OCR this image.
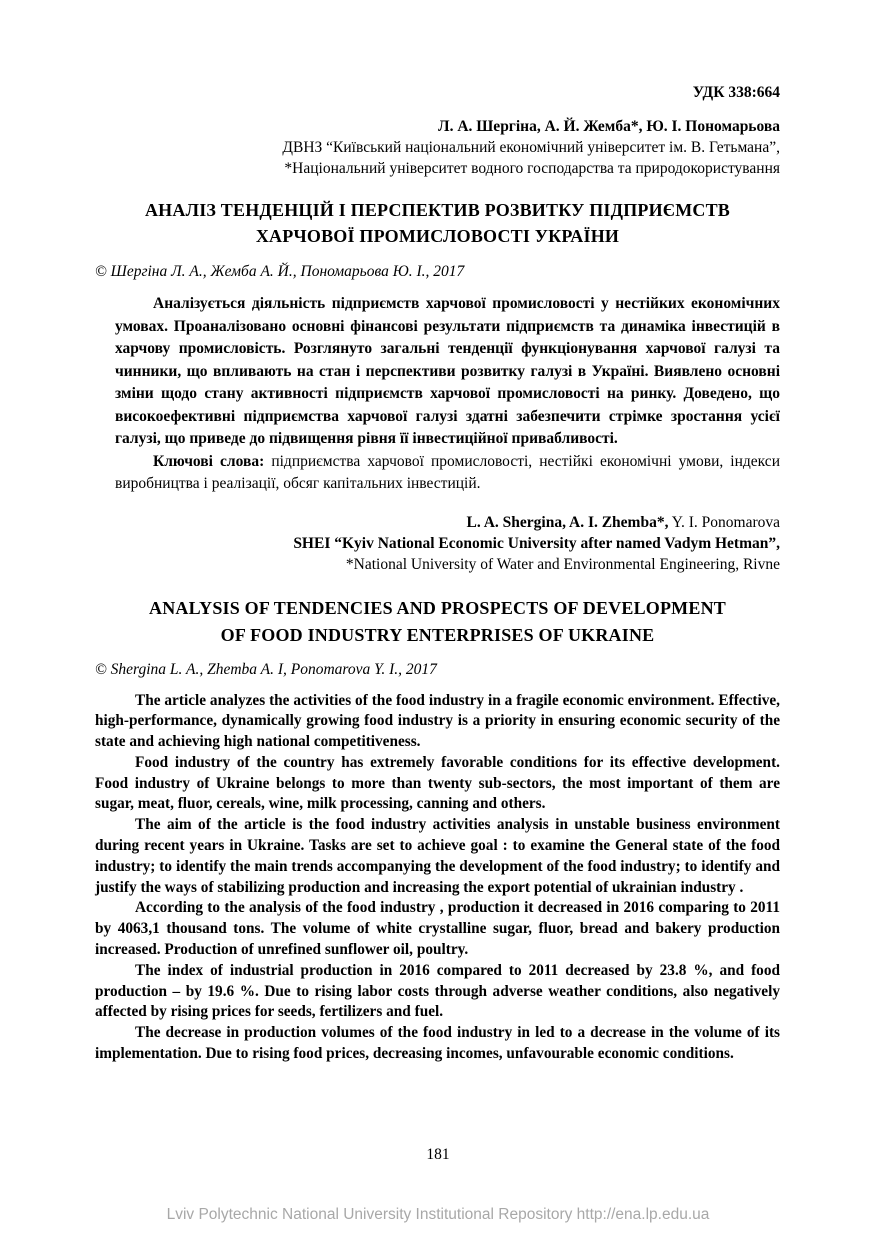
УДК 338:664
Л. А. Шергіна, А. Й. Жемба*, Ю. І. Пономарьова
ДВНЗ “Київський національний економічний університет ім. В. Гетьмана”,
*Національний університет водного господарства та природокористування
АНАЛІЗ ТЕНДЕНЦІЙ І ПЕРСПЕКТИВ РОЗВИТКУ ПІДПРИЄМСТВ ХАРЧОВОЇ ПРОМИСЛОВОСТІ УКРАЇНИ
© Шергіна Л. А., Жемба А. Й., Пономарьова Ю. І., 2017

Аналізується діяльність підприємств харчової промисловості у нестійких економічних умовах. Проаналізовано основні фінансові результати підприємств та динаміка інвестицій в харчову промисловість. Розглянуто загальні тенденції функціонування харчової галузі та чинники, що впливають на стан і перспективи розвитку галузі в Україні. Виявлено основні зміни щодо стану активності підприємств харчової промисловості на ринку. Доведено, що високоефективні підприємства харчової галузі здатні забезпечити стрімке зростання усієї галузі, що приведе до підвищення рівня її інвестиційної привабливості.

Ключові слова: підприємства харчової промисловості, нестійкі економічні умови, індекси виробництва і реалізації, обсяг капітальних інвестицій.

L. A. Shergina, A. I. Zhemba*, Y. I. Ponomarova
SHEI “Kyiv National Economic University after named Vadym Hetman”,
*National University of Water and Environmental Engineering, Rivne
ANALYSIS OF TENDENCIES AND PROSPECTS OF DEVELOPMENT
OF FOOD INDUSTRY ENTERPRISES OF UKRAINE
© Shergina L. A., Zhemba A. I, Ponomarova Y. I., 2017

The article analyzes the activities of the food industry in a fragile economic environment. Effective, high-performance, dynamically growing food industry is a priority in ensuring economic security of the state and achieving high national competitiveness.

Food industry of the country has extremely favorable conditions for its effective development. Food industry of Ukraine belongs to more than twenty sub-sectors, the most important of them are sugar, meat, fluor, cereals, wine, milk processing, canning and others.

The aim of the article is the food industry activities analysis in unstable business environment during recent years in Ukraine. Tasks are set to achieve goal : to examine the General state of the food industry; to identify the main trends accompanying the development of the food industry; to identify and justify the ways of stabilizing production and increasing the export potential of ukrainian industry .

According to the analysis of the food industry , production it decreased in 2016 comparing to 2011 by 4063,1 thousand tons. The volume of white crystalline sugar, fluor, bread and bakery production increased. Production of unrefined sunflower oil, poultry.

The index of industrial production in 2016 compared to 2011 decreased by 23.8 %, and food production – by 19.6 %. Due to rising labor costs through adverse weather conditions, also negatively affected by rising prices for seeds, fertilizers and fuel.

The decrease in production volumes of the food industry in led to a decrease in the volume of its implementation. Due to rising food prices, decreasing incomes, unfavourable economic conditions.

181
Lviv Polytechnic National University Institutional Repository http://ena.lp.edu.ua
